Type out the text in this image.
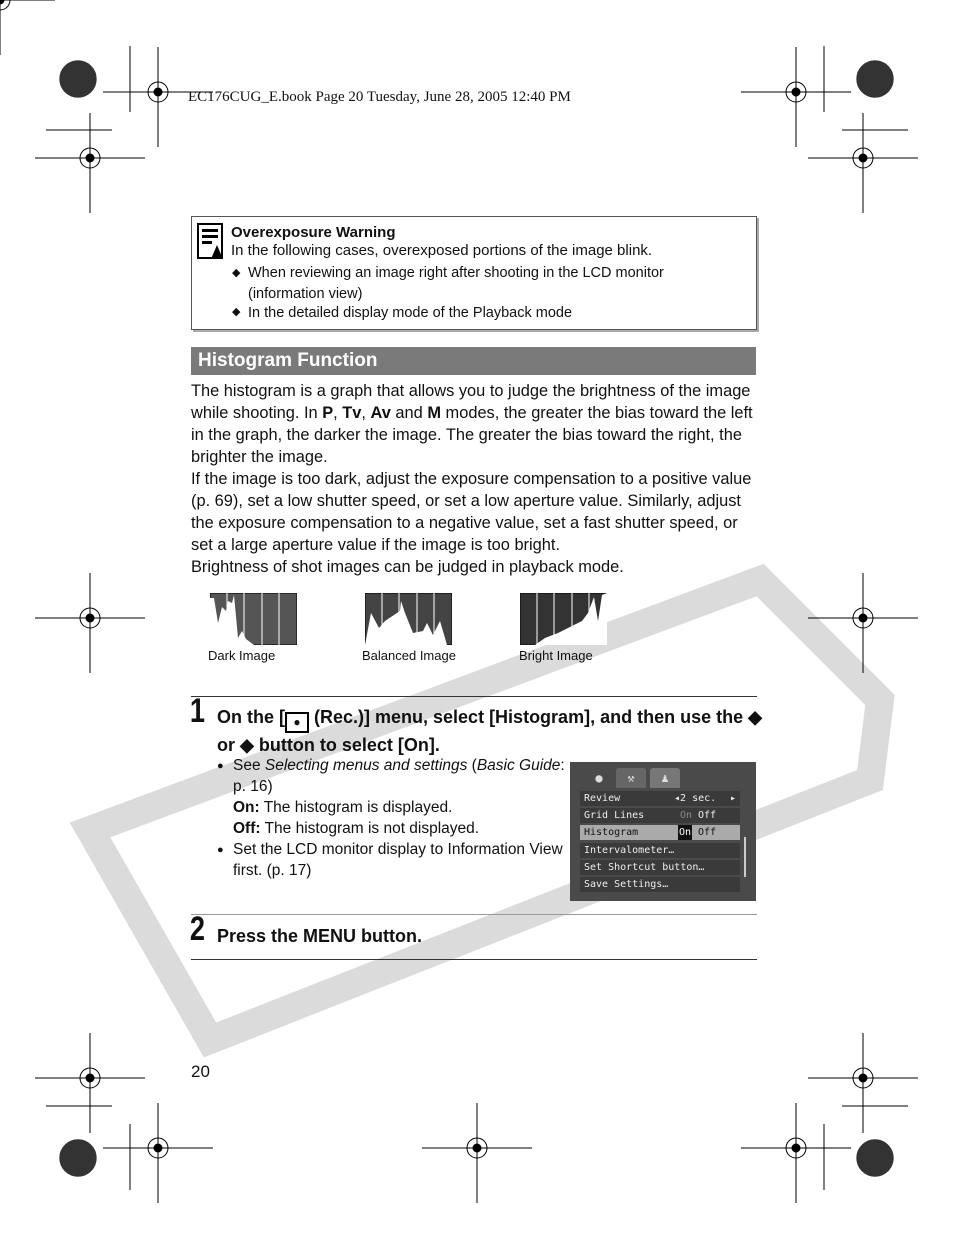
EC176CUG_E.book Page 20 Tuesday, June 28, 2005 12:40 PM
Overexposure Warning
In the following cases, overexposed portions of the image blink.
◆ When reviewing an image right after shooting in the LCD monitor (information view)
◆ In the detailed display mode of the Playback mode
Histogram Function
The histogram is a graph that allows you to judge the brightness of the image while shooting. In P, Tv, Av and M modes, the greater the bias toward the left in the graph, the darker the image. The greater the bias toward the right, the brighter the image.
If the image is too dark, adjust the exposure compensation to a positive value (p. 69), set a low shutter speed, or set a low aperture value. Similarly, adjust the exposure compensation to a negative value, set a fast shutter speed, or set a large aperture value if the image is too bright.
Brightness of shot images can be judged in playback mode.
Dark Image	Balanced Image	Bright Image
1 On the [ ● (Rec.)] menu, select [Histogram], and then use the ◆ or ◆ button to select [On].
● See Selecting menus and settings (Basic Guide: p. 16)
On: The histogram is displayed.
Off: The histogram is not displayed.
● Set the LCD monitor display to Information View first. (p. 17)
●	⚒	♟
Review	◂2 sec.	▸
Grid Lines	On Off
Histogram	On Off
Intervalometer…
Set Shortcut button…
Save Settings…
2 Press the MENU button.
20
